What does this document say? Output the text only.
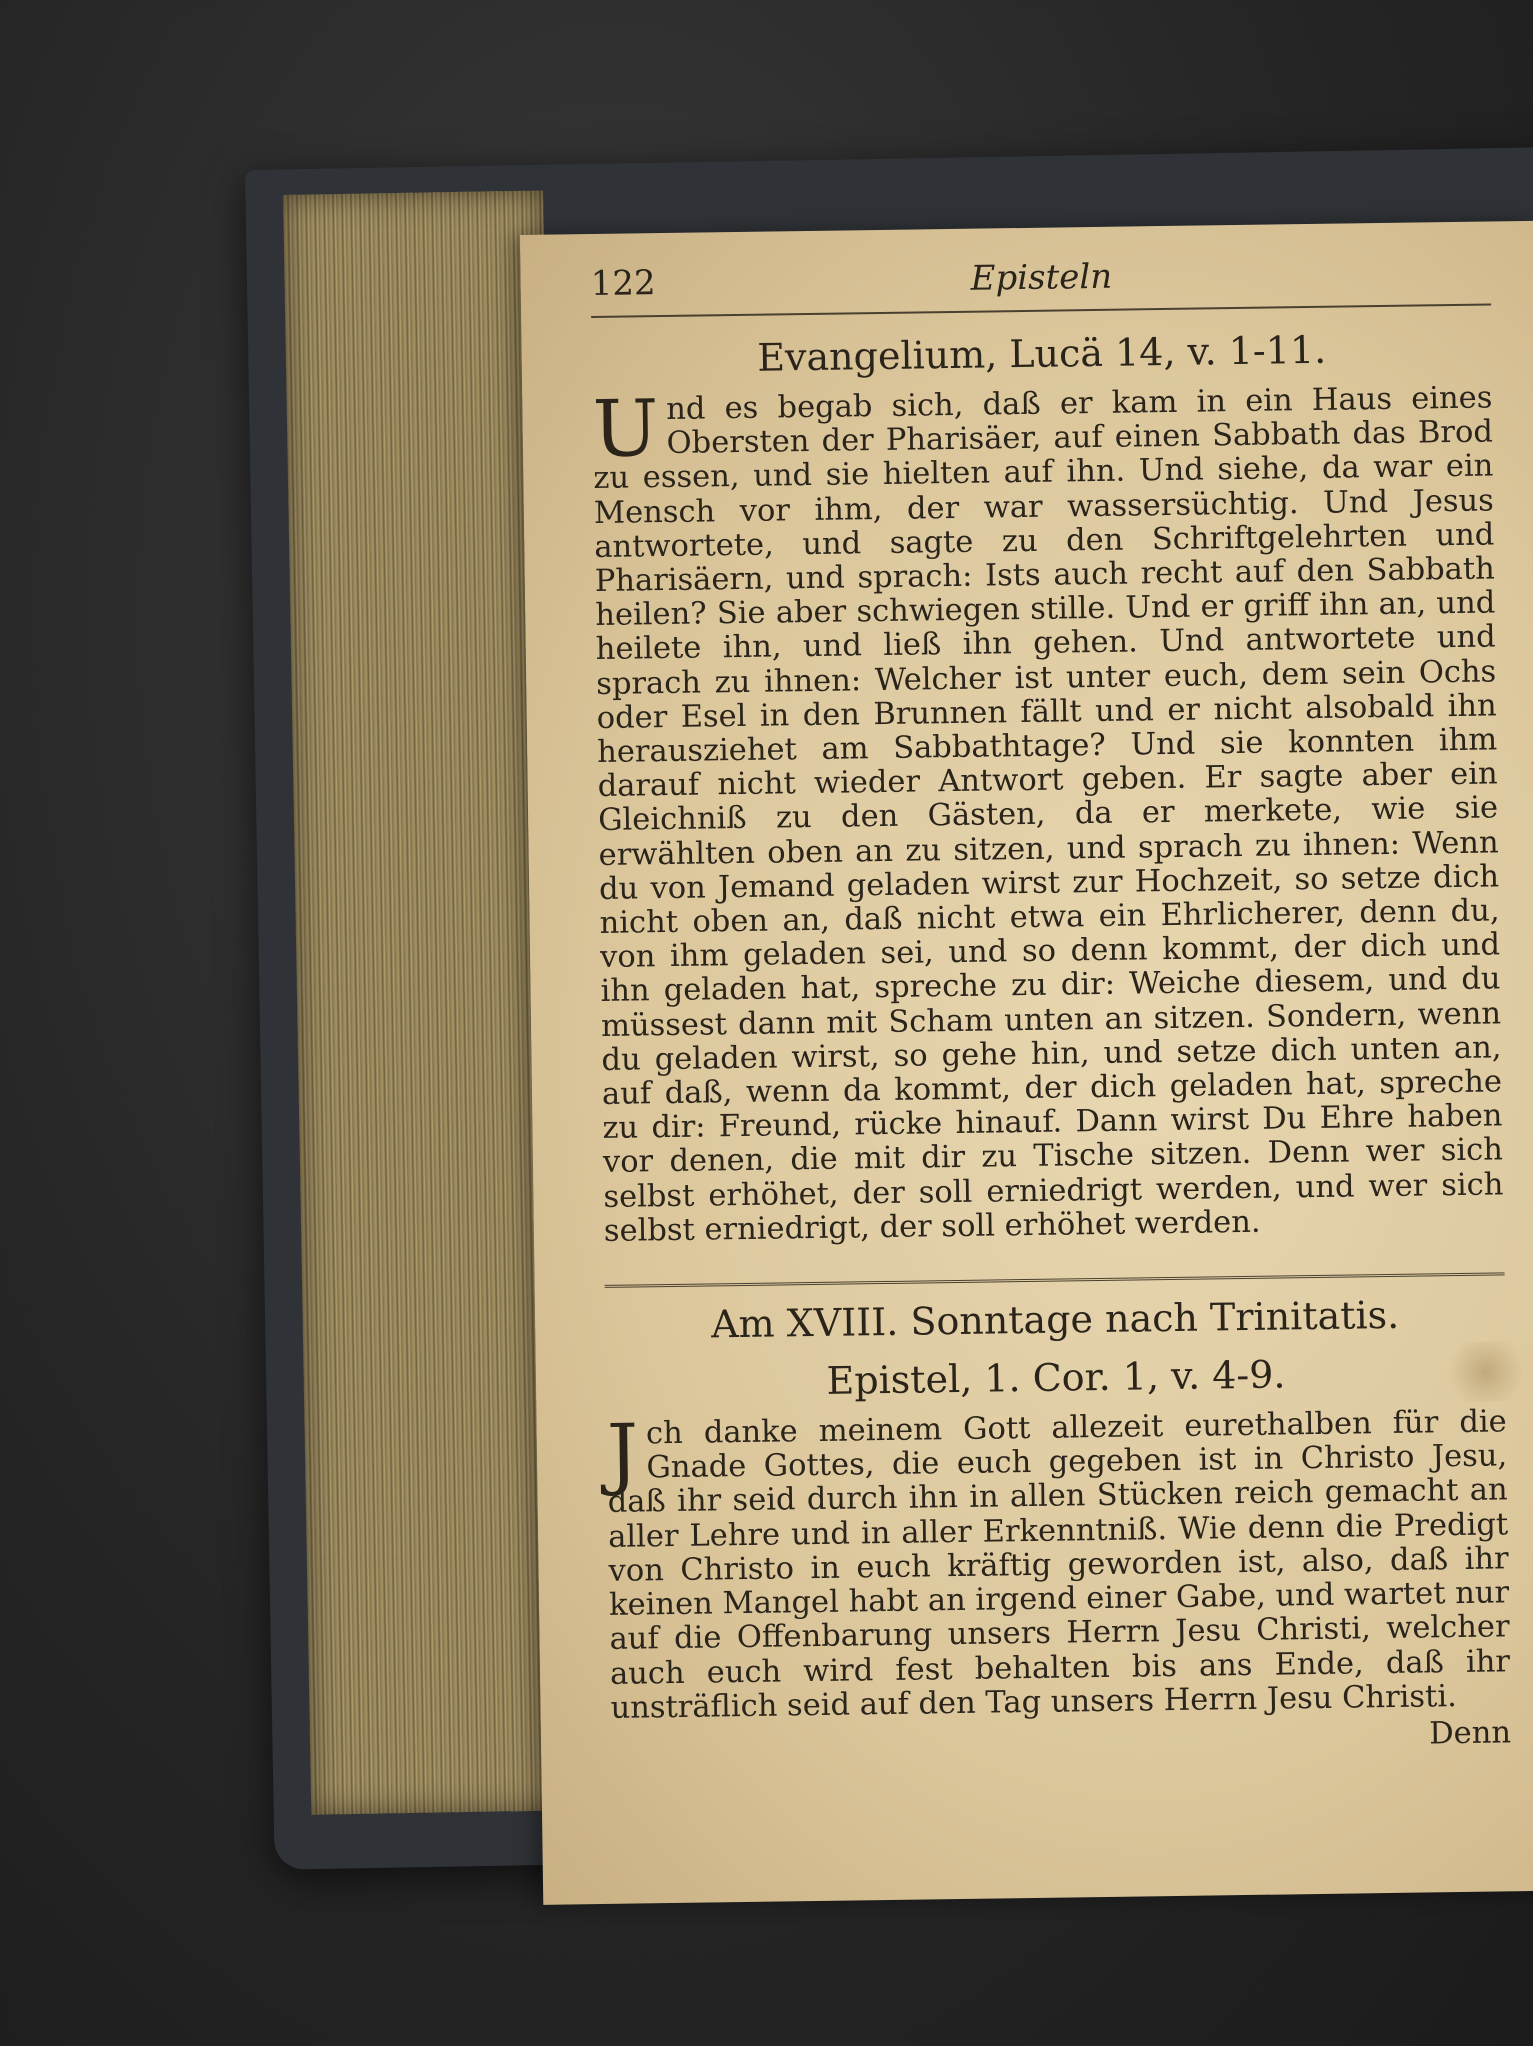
122	Episteln
Evangelium, Lucä 14, v. 1-11.
U nd es begab sich, daß er kam in ein Haus eines Obersten der Pharisäer, auf einen Sabbath das Brod zu essen, und sie hielten auf ihn. Und siehe, da war ein Mensch vor ihm, der war wassersüchtig. Und Jesus antwortete, und sagte zu den Schriftgelehrten und Pharisäern, und sprach: Ists auch recht auf den Sabbath heilen? Sie aber schwiegen stille. Und er griff ihn an, und heilete ihn, und ließ ihn gehen. Und antwortete und sprach zu ihnen: Welcher ist unter euch, dem sein Ochs oder Esel in den Brunnen fällt und er nicht alsobald ihn herausziehet am Sabbathtage? Und sie konnten ihm darauf nicht wieder Antwort geben. Er sagte aber ein Gleichniß zu den Gästen, da er merkete, wie sie erwählten oben an zu sitzen, und sprach zu ihnen: Wenn du von Jemand geladen wirst zur Hochzeit, so setze dich nicht oben an, daß nicht etwa ein Ehrlicherer, denn du, von ihm geladen sei, und so denn kommt, der dich und ihn geladen hat, spreche zu dir: Weiche diesem, und du müssest dann mit Scham unten an sitzen. Sondern, wenn du geladen wirst, so gehe hin, und setze dich unten an, auf daß, wenn da kommt, der dich geladen hat, spreche zu dir: Freund, rücke hinauf. Dann wirst Du Ehre haben vor denen, die mit dir zu Tische sitzen. Denn wer sich selbst erhöhet, der soll erniedrigt werden, und wer sich selbst erniedrigt, der soll erhöhet werden.

Am XVIII. Sonntage nach Trinitatis.
Epistel, 1. Cor. 1, v. 4-9.
J ch danke meinem Gott allezeit eurethalben für die Gnade Gottes, die euch gegeben ist in Christo Jesu, daß ihr seid durch ihn in allen Stücken reich gemacht an aller Lehre und in aller Erkenntniß. Wie denn die Predigt von Christo in euch kräftig geworden ist, also, daß ihr keinen Mangel habt an irgend einer Gabe, und wartet nur auf die Offenbarung unsers Herrn Jesu Christi, welcher auch euch wird fest behalten bis ans Ende, daß ihr unsträflich seid auf den Tag unsers Herrn Jesu Christi.

Denn
